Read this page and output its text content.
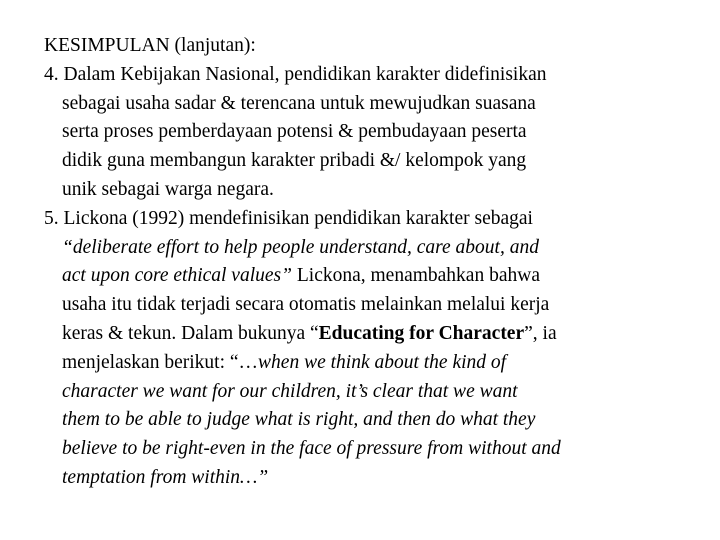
KESIMPULAN (lanjutan):

4. Dalam Kebijakan Nasional, pendidikan karakter didefinisikan
sebagai usaha sadar & terencana untuk mewujudkan suasana
serta proses pemberdayaan potensi & pembudayaan peserta
didik guna membangun karakter pribadi &/ kelompok yang
unik sebagai warga negara.

5. Lickona (1992) mendefinisikan pendidikan karakter sebagai
“deliberate effort to help people understand, care about, and
act upon core ethical values” Lickona, menambahkan bahwa
usaha itu tidak terjadi secara otomatis melainkan melalui kerja
keras & tekun. Dalam bukunya “Educating for Character”, ia
menjelaskan berikut: “…when we think about the kind of
character we want for our children, it’s clear that we want
them to be able to judge what is right, and then do what they
believe to be right-even in the face of pressure from without and
temptation from within…”
